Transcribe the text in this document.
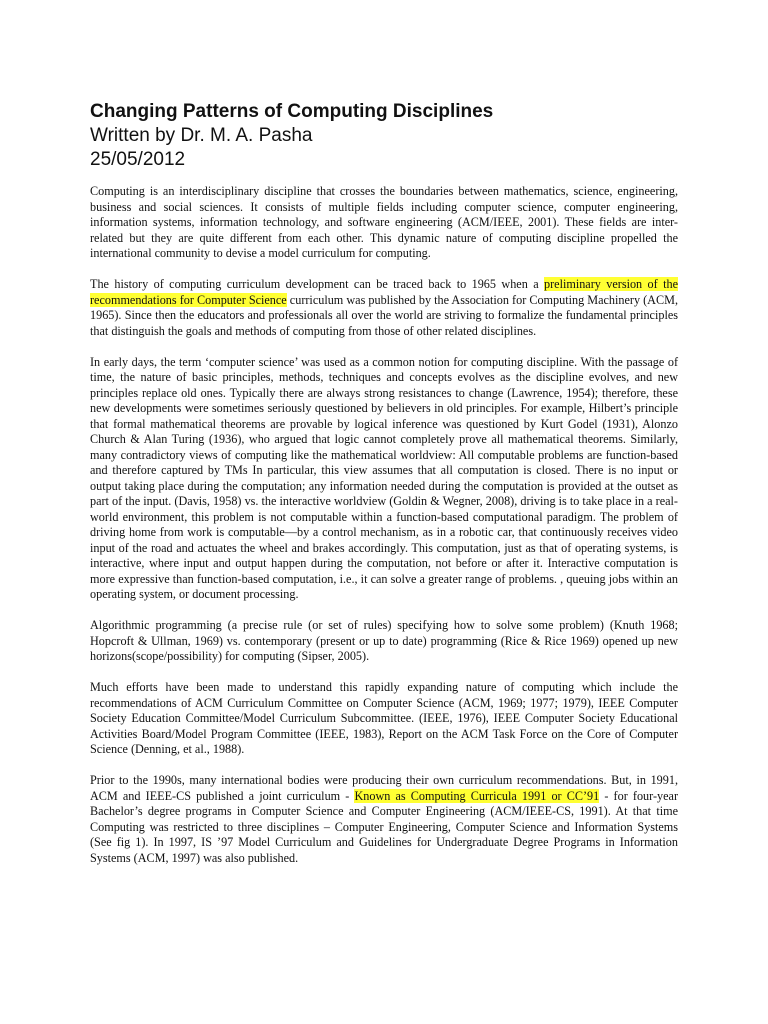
Changing Patterns of Computing Disciplines
Written by Dr. M. A. Pasha
25/05/2012

Computing is an interdisciplinary discipline that crosses the boundaries between mathematics, science, engineering, business and social sciences. It consists of multiple fields including computer science, computer engineering, information systems, information technology, and software engineering (ACM/IEEE, 2001). These fields are inter-related but they are quite different from each other. This dynamic nature of computing discipline propelled the international community to devise a model curriculum for computing.

The history of computing curriculum development can be traced back to 1965 when a preliminary version of the recommendations for Computer Science curriculum was published by the Association for Computing Machinery (ACM, 1965). Since then the educators and professionals all over the world are striving to formalize the fundamental principles that distinguish the goals and methods of computing from those of other related disciplines.

In early days, the term ‘computer science’ was used as a common notion for computing discipline. With the passage of time, the nature of basic principles, methods, techniques and concepts evolves as the discipline evolves, and new principles replace old ones. Typically there are always strong resistances to change (Lawrence, 1954); therefore, these new developments were sometimes seriously questioned by believers in old principles. For example, Hilbert’s principle that formal mathematical theorems are provable by logical inference was questioned by Kurt Godel (1931), Alonzo Church & Alan Turing (1936), who argued that logic cannot completely prove all mathematical theorems. Similarly, many contradictory views of computing like the mathematical worldview: All computable problems are function-based and therefore captured by TMs In particular, this view assumes that all computation is closed. There is no input or output taking place during the computation; any information needed during the computation is provided at the outset as part of the input. (Davis, 1958) vs. the interactive worldview (Goldin & Wegner, 2008), driving is to take place in a real-world environment, this problem is not computable within a function-based computational paradigm. The problem of driving home from work is computable—by a control mechanism, as in a robotic car, that continuously receives video input of the road and actuates the wheel and brakes accordingly. This computation, just as that of operating systems, is interactive, where input and output happen during the computation, not before or after it. Interactive computation is more expressive than function-based computation, i.e., it can solve a greater range of problems. , queuing jobs within an operating system, or document processing.

Algorithmic programming (a precise rule (or set of rules) specifying how to solve some problem) (Knuth 1968; Hopcroft & Ullman, 1969) vs. contemporary (present or up to date) programming (Rice & Rice 1969) opened up new horizons(scope/possibility) for computing (Sipser, 2005).

Much efforts have been made to understand this rapidly expanding nature of computing which include the recommendations of ACM Curriculum Committee on Computer Science (ACM, 1969; 1977; 1979), IEEE Computer Society Education Committee/Model Curriculum Subcommittee. (IEEE, 1976), IEEE Computer Society Educational Activities Board/Model Program Committee (IEEE, 1983), Report on the ACM Task Force on the Core of Computer Science (Denning, et al., 1988).

Prior to the 1990s, many international bodies were producing their own curriculum recommendations. But, in 1991, ACM and IEEE-CS published a joint curriculum - Known as Computing Curricula 1991 or CC’91 - for four-year Bachelor’s degree programs in Computer Science and Computer Engineering (ACM/IEEE-CS, 1991). At that time Computing was restricted to three disciplines – Computer Engineering, Computer Science and Information Systems (See fig 1). In 1997, IS ’97 Model Curriculum and Guidelines for Undergraduate Degree Programs in Information Systems (ACM, 1997) was also published.
